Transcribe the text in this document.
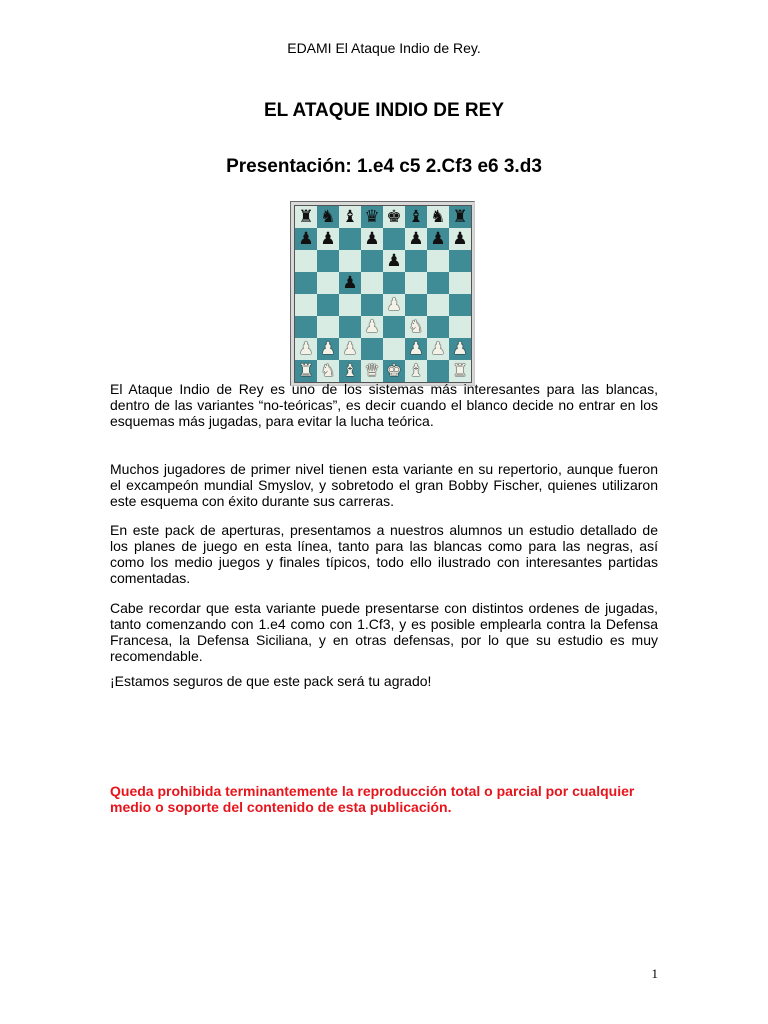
EDAMI El Ataque Indio de Rey.
EL ATAQUE INDIO DE REY
Presentación: 1.e4 c5 2.Cf3 e6 3.d3
♜ ♞ ♝ ♛ ♚ ♝ ♞ ♜
♟ ♟ ♟ ♟ ♟ ♟
♟
♟
♟
♟ ♞
♟ ♟ ♟	♟ ♟ ♟
♜ ♞ ♝ ♛ ♚ ♝ ♜

El Ataque Indio de Rey es uno de los sistemas más interesantes para las blancas, dentro de las variantes “no-teóricas”, es decir cuando el blanco decide no entrar en los esquemas más jugadas, para evitar la lucha teórica.

Muchos jugadores de primer nivel tienen esta variante en su repertorio, aunque fueron el excampeón mundial Smyslov, y sobretodo el gran Bobby Fischer, quienes utilizaron este esquema con éxito durante sus carreras.

En este pack de aperturas, presentamos a nuestros alumnos un estudio detallado de los planes de juego en esta línea, tanto para las blancas como para las negras, así como los medio juegos y finales típicos, todo ello ilustrado con interesantes partidas comentadas.

Cabe recordar que esta variante puede presentarse con distintos ordenes de jugadas, tanto comenzando con 1.e4 como con 1.Cf3, y es posible emplearla contra la Defensa Francesa, la Defensa Siciliana, y en otras defensas, por lo que su estudio es muy recomendable.

¡Estamos seguros de que este pack será tu agrado!

Queda prohibida terminantemente la reproducción total o parcial por cualquier medio o soporte del contenido de esta publicación.

1
